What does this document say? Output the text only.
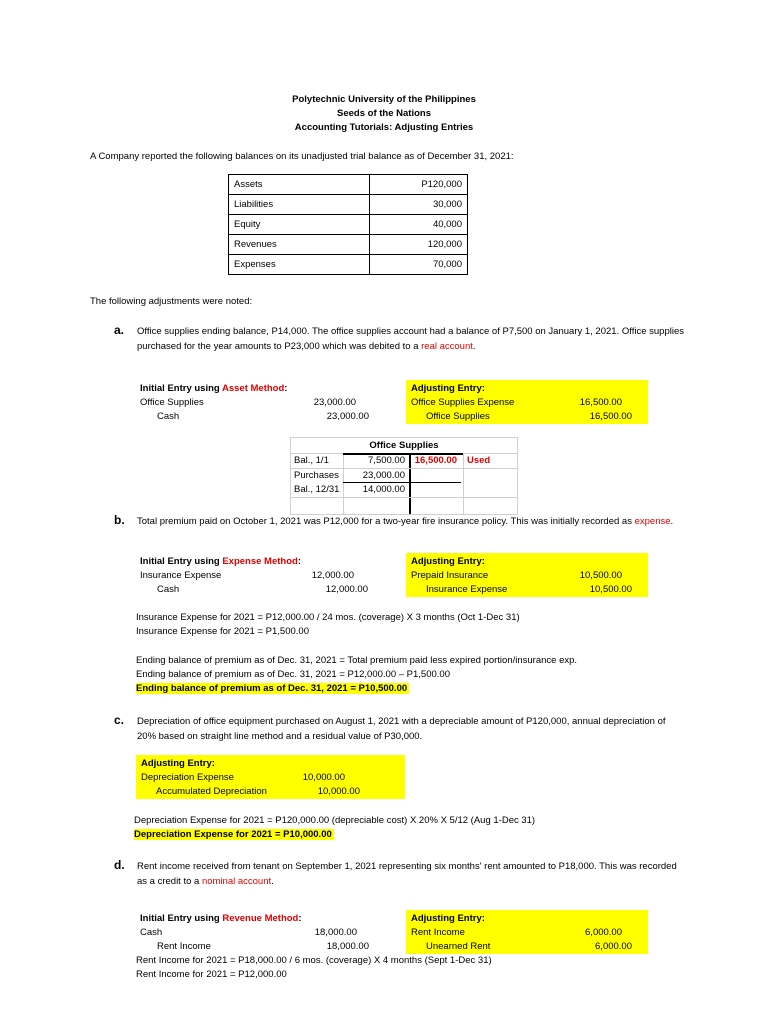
Polytechnic University of the Philippines
Seeds of the Nations
Accounting Tutorials: Adjusting Entries
A Company reported the following balances on its unadjusted trial balance as of December 31, 2021:
Assets	P120,000
Liabilities	30,000
Equity	40,000
Revenues	120,000
Expenses	70,000
The following adjustments were noted:
a. Office supplies ending balance, P14,000. The office supplies account had a balance of P7,500 on January 1, 2021. Office supplies purchased for the year amounts to P23,000 which was debited to a real account.
Initial Entry using Asset Method:
Office Supplies	23,000.00
Cash	23,000.00
Adjusting Entry:
Office Supplies Expense	16,500.00
Office Supplies	16,500.00
Office Supplies
Bal., 1/1	7,500.00 16,500.00 Used
Purchases	23,000.00
Bal., 12/31	14,000.00
b. Total premium paid on October 1, 2021 was P12,000 for a two-year fire insurance policy. This was initially recorded as expense.
Initial Entry using Expense Method:
Insurance Expense	12,000.00
Cash	12,000.00
Adjusting Entry:
Prepaid Insurance	10,500.00
Insurance Expense	10,500.00
Insurance Expense for 2021 = P12,000.00 / 24 mos. (coverage) X 3 months (Oct 1-Dec 31)
Insurance Expense for 2021 = P1,500.00
Ending balance of premium as of Dec. 31, 2021 = Total premium paid less expired portion/insurance exp.
Ending balance of premium as of Dec. 31, 2021 = P12,000.00 – P1,500.00
Ending balance of premium as of Dec. 31, 2021 = P10,500.00
c. Depreciation of office equipment purchased on August 1, 2021 with a depreciable amount of P120,000, annual depreciation of 20% based on straight line method and a residual value of P30,000.
Adjusting Entry:
Depreciation Expense	10,000.00
Accumulated Depreciation	10,000.00
Depreciation Expense for 2021 = P120,000.00 (depreciable cost) X 20% X 5/12 (Aug 1-Dec 31)
Depreciation Expense for 2021 = P10,000.00
d. Rent income received from tenant on September 1, 2021 representing six months' rent amounted to P18,000. This was recorded as a credit to a nominal account.
Initial Entry using Revenue Method:
Cash	18,000.00
Rent Income	18,000.00
Adjusting Entry:
Rent Income	6,000.00
Unearned Rent	6,000.00
Rent Income for 2021 = P18,000.00 / 6 mos. (coverage) X 4 months (Sept 1-Dec 31)
Rent Income for 2021 = P12,000.00
